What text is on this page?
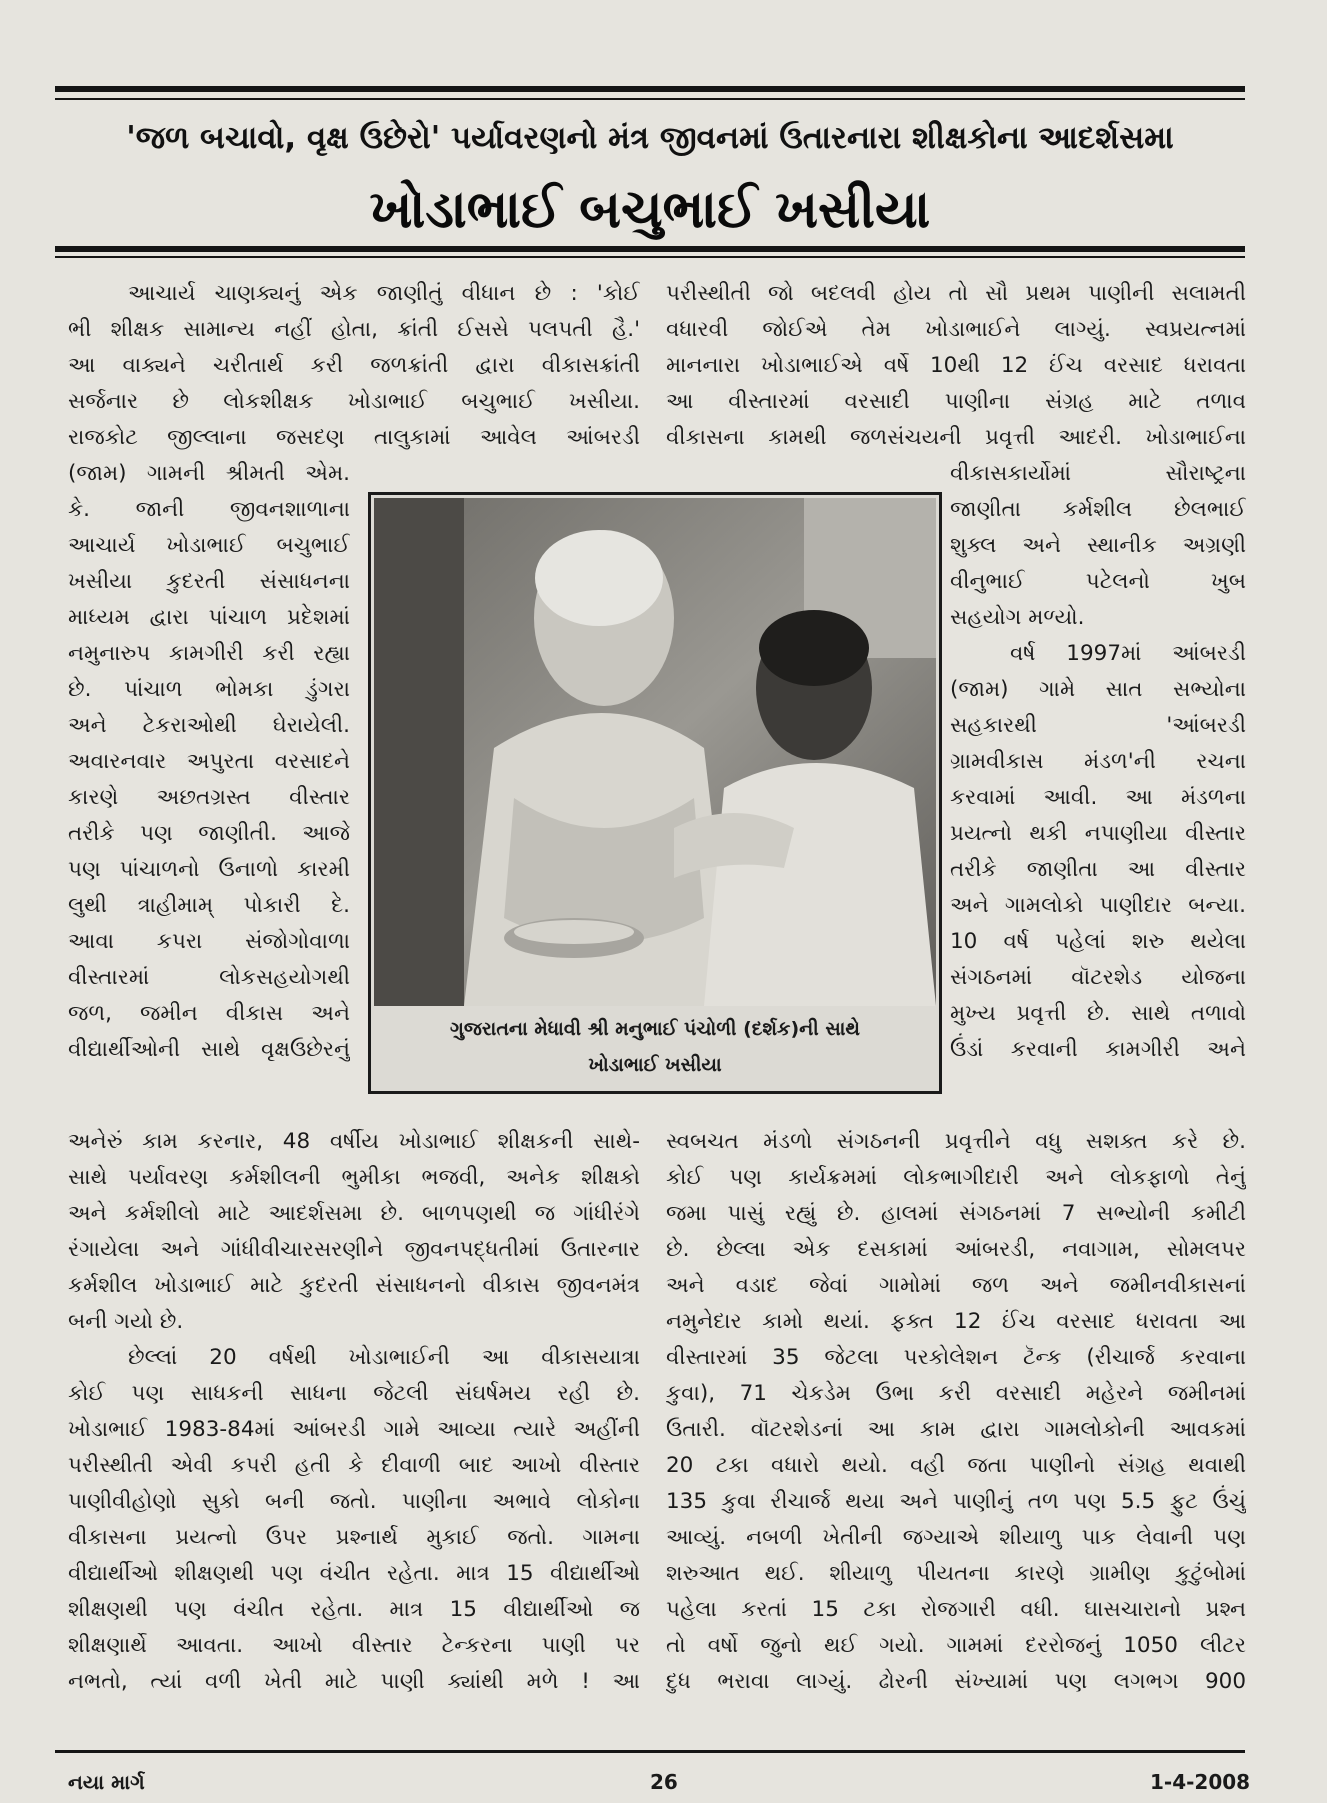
'જળ બચાવો, વૃક્ષ ઉછેરો' પર્યાવરણનો મંત્ર જીવનમાં ઉતારનારા શીક્ષકોના આદર્શસમા
ખોડાભાઈ બચુભાઈ ખસીયા
આચાર્ય ચાણક્યનું એક જાણીતું વીધાન છે : 'કોઈ
ભી શીક્ષક સામાન્ય નહીં હોતા, ક્રાંતી ઈસસે પલપતી હૈ.'
આ વાક્યને ચરીતાર્થ કરી જળક્રાંતી દ્વારા વીકાસક્રાંતી
સર્જનાર છે લોકશીક્ષક ખોડાભાઈ બચુભાઈ ખસીયા.
રાજકોટ જીલ્લાના જસદણ તાલુકામાં આવેલ આંબરડી
(જામ) ગામની શ્રીમતી એમ.
કે. જાની જીવનશાળાના
આચાર્ય ખોડાભાઈ બચુભાઈ
ખસીયા કુદરતી સંસાધનના
માધ્યમ દ્વારા પાંચાળ પ્રદેશમાં
નમુનારુપ કામગીરી કરી રહ્યા
છે. પાંચાળ ભોમકા ડુંગરા
અને ટેકરાઓથી ઘેરાયેલી.
અવારનવાર અપુરતા વરસાદને
કારણે અછતગ્રસ્ત વીસ્તાર
તરીકે પણ જાણીતી. આજે
પણ પાંચાળનો ઉનાળો કારમી
લુથી ત્રાહીમામ્ પોકારી દે.
આવા કપરા સંજોગોવાળા
વીસ્તારમાં લોકસહયોગથી
જળ, જમીન વીકાસ અને
વીદ્યાર્થીઓની સાથે વૃક્ષઉછેરનું
અનેરું કામ કરનાર, 48 વર્ષીય ખોડાભાઈ શીક્ષકની સાથે-
સાથે પર્યાવરણ કર્મશીલની ભુમીકા ભજવી, અનેક શીક્ષકો
અને કર્મશીલો માટે આદર્શસમા છે. બાળપણથી જ ગાંધીરંગે
રંગાયેલા અને ગાંધીવીચારસરણીને જીવનપદ્ધતીમાં ઉતારનાર
કર્મશીલ ખોડાભાઈ માટે કુદરતી સંસાધનનો વીકાસ જીવનમંત્ર
બની ગયો છે.
છેલ્લાં 20 વર્ષથી ખોડાભાઈની આ વીકાસયાત્રા
કોઈ પણ સાધકની સાધના જેટલી સંઘર્ષમય રહી છે.
ખોડાભાઈ 1983-84માં આંબરડી ગામે આવ્યા ત્યારે અહીંની
પરીસ્થીતી એવી કપરી હતી કે દીવાળી બાદ આખો વીસ્તાર
પાણીવીહોણો સુકો બની જતો. પાણીના અભાવે લોકોના
વીકાસના પ્રયત્નો ઉપર પ્રશ્નાર્થ મુકાઈ જતો. ગામના
વીદ્યાર્થીઓ શીક્ષણથી પણ વંચીત રહેતા. માત્ર 15 વીદ્યાર્થીઓ
શીક્ષણથી પણ વંચીત રહેતા. માત્ર 15 વીદ્યાર્થીઓ જ
શીક્ષણાર્થે આવતા. આખો વીસ્તાર ટેન્કરના પાણી પર
નભતો, ત્યાં વળી ખેતી માટે પાણી ક્યાંથી મળે ! આ
પરીસ્થીતી જો બદલવી હોય તો સૌ પ્રથમ પાણીની સલામતી
વધારવી જોઈએ તેમ ખોડાભાઈને લાગ્યું. સ્વપ્રયત્નમાં
માનનારા ખોડાભાઈએ વર્ષે 10થી 12 ઈંચ વરસાદ ધરાવતા
આ વીસ્તારમાં વરસાદી પાણીના સંગ્રહ માટે તળાવ
વીકાસના કામથી જળસંચયની પ્રવૃત્તી આદરી. ખોડાભાઈના
વીકાસકાર્યોમાં સૌરાષ્ટ્રના
જાણીતા કર્મશીલ છેલભાઈ
શુક્લ અને સ્થાનીક અગ્રણી
વીનુભાઈ પટેલનો ખુબ
સહયોગ મળ્યો.
વર્ષ 1997માં આંબરડી
(જામ) ગામે સાત સભ્યોના
સહકારથી 'આંબરડી
ગ્રામવીકાસ મંડળ'ની રચના
કરવામાં આવી. આ મંડળના
પ્રયત્નો થકી નપાણીયા વીસ્તાર
તરીકે જાણીતા આ વીસ્તાર
અને ગામલોકો પાણીદાર બન્યા.
10 વર્ષ પહેલાં શરુ થયેલા
સંગઠનમાં વૉટરશેડ યોજના
મુખ્ય પ્રવૃત્તી છે. સાથે તળાવો
ઉંડાં કરવાની કામગીરી અને
સ્વબચત મંડળો સંગઠનની પ્રવૃત્તીને વધુ સશક્ત કરે છે.
કોઈ પણ કાર્યક્રમમાં લોકભાગીદારી અને લોકફાળો તેનું
જમા પાસું રહ્યું છે. હાલમાં સંગઠનમાં 7 સભ્યોની કમીટી
છે. છેલ્લા એક દસકામાં આંબરડી, નવાગામ, સોમલપર
અને વડાદ જેવાં ગામોમાં જળ અને જમીનવીકાસનાં
નમુનેદાર કામો થયાં. ફક્ત 12 ઈંચ વરસાદ ધરાવતા આ
વીસ્તારમાં 35 જેટલા પરકોલેશન ટૅન્ક (રીચાર્જ કરવાના
કુવા), 71 ચેકડેમ ઉભા કરી વરસાદી મહેરને જમીનમાં
ઉતારી. વૉટરશેડનાં આ કામ દ્વારા ગામલોકોની આવકમાં
20 ટકા વધારો થયો. વહી જતા પાણીનો સંગ્રહ થવાથી
135 કુવા રીચાર્જ થયા અને પાણીનું તળ પણ 5.5 ફુટ ઉંચું
આવ્યું. નબળી ખેતીની જગ્યાએ શીયાળુ પાક લેવાની પણ
શરુઆત થઈ. શીયાળુ પીયતના કારણે ગ્રામીણ કુટુંબોમાં
પહેલા કરતાં 15 ટકા રોજગારી વધી. ઘાસચારાનો પ્રશ્ન
તો વર્ષો જુનો થઈ ગયો. ગામમાં દરરોજનું 1050 લીટર
દુધ ભરાવા લાગ્યું. ઢોરની સંખ્યામાં પણ લગભગ 900
ગુજરાતના મેધાવી શ્રી મનુભાઈ પંચોળી (દર્શક)ની સાથે
ખોડાભાઈ ખસીયા
નયા માર્ગ	26	1-4-2008
